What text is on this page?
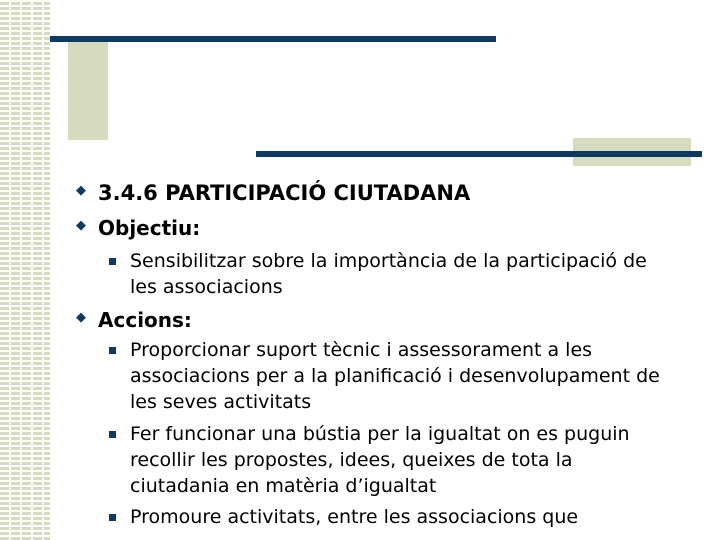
◆
◆
◆
3.4.6 PARTICIPACIÓ CIUTADANA
Objectiu:
Sensibilitzar sobre la importància de la participació de
les associacions
Accions:
Proporcionar suport tècnic i assessorament a les
associacions per a la planificació i desenvolupament de
les seves activitats
Fer funcionar una bústia per la igualtat on es puguin
recollir les propostes, idees, queixes de tota la
ciutadania en matèria d’igualtat
Promoure activitats, entre les associacions que
